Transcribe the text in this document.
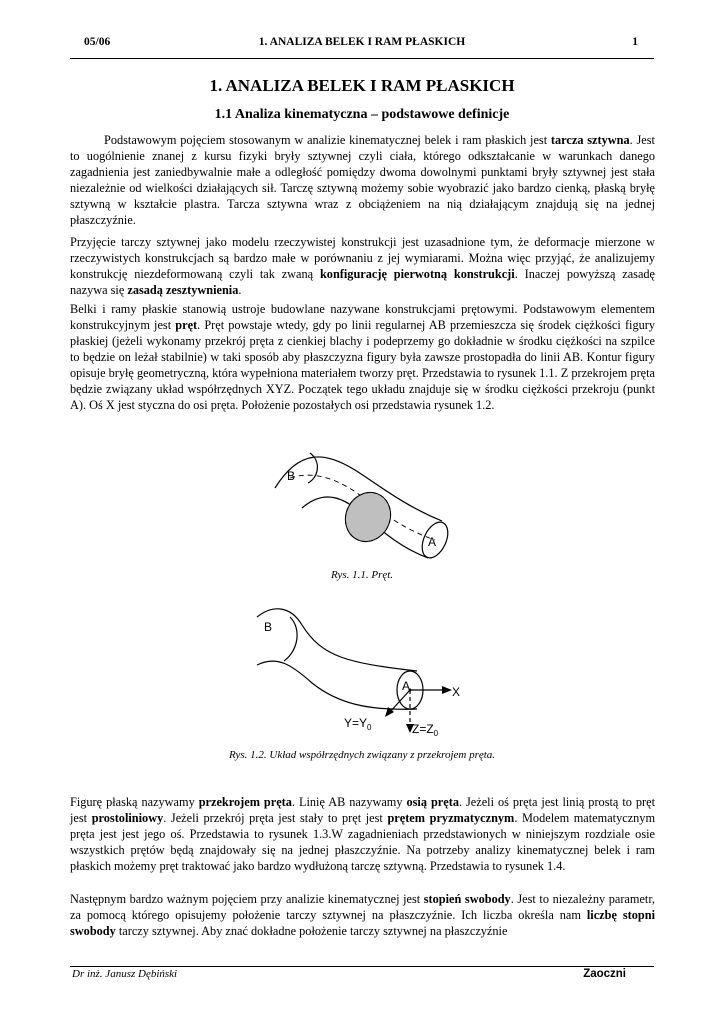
05/06	1. ANALIZA BELEK I RAM PŁASKICH	1
1. ANALIZA BELEK I RAM PŁASKICH
1.1 Analiza kinematyczna – podstawowe definicje

Podstawowym pojęciem stosowanym w analizie kinematycznej belek i ram płaskich jest tarcza sztywna. Jest to uogólnienie znanej z kursu fizyki bryły sztywnej czyli ciała, którego odkształcanie w warunkach danego zagadnienia jest zaniedbywalnie małe a odległość pomiędzy dwoma dowolnymi punktami bryły sztywnej jest stała niezależnie od wielkości działających sił. Tarczę sztywną możemy sobie wyobrazić jako bardzo cienką, płaską bryłę sztywną w kształcie plastra. Tarcza sztywna wraz z obciążeniem na nią działającym znajdują się na jednej płaszczyźnie.

Przyjęcie tarczy sztywnej jako modelu rzeczywistej konstrukcji jest uzasadnione tym, że deformacje mierzone w rzeczywistych konstrukcjach są bardzo małe w porównaniu z jej wymiarami. Można więc przyjąć, że analizujemy konstrukcję niezdeformowaną czyli tak zwaną konfigurację pierwotną konstrukcji. Inaczej powyższą zasadę nazywa się zasadą zesztywnienia.

Belki i ramy płaskie stanowią ustroje budowlane nazywane konstrukcjami prętowymi. Podstawowym elementem konstrukcyjnym jest pręt. Pręt powstaje wtedy, gdy po linii regularnej AB przemieszcza się środek ciężkości figury płaskiej (jeżeli wykonamy przekrój pręta z cienkiej blachy i podeprzemy go dokładnie w środku ciężkości na szpilce to będzie on leżał stabilnie) w taki sposób aby płaszczyzna figury była zawsze prostopadła do linii AB. Kontur figury opisuje bryłę geometryczną, która wypełniona materiałem tworzy pręt. Przedstawia to rysunek 1.1. Z przekrojem pręta będzie związany układ współrzędnych XYZ. Początek tego układu znajduje się w środku ciężkości przekroju (punkt A). Oś X jest styczna do osi pręta. Położenie pozostałych osi przedstawia rysunek 1.2.

B
A
Rys. 1.1. Pręt.
B
A	X
$Y=Y_0$	$Z=Z_0$
Rys. 1.2. Układ współrzędnych związany z przekrojem pręta.

Figurę płaską nazywamy przekrojem pręta. Linię AB nazywamy osią pręta. Jeżeli oś pręta jest linią prostą to pręt jest prostoliniowy. Jeżeli przekrój pręta jest stały to pręt jest prętem pryzmatycznym. Modelem matematycznym pręta jest jest jego oś. Przedstawia to rysunek 1.3.W zagadnieniach przedstawionych w niniejszym rozdziale osie wszystkich prętów będą znajdowały się na jednej płaszczyźnie. Na potrzeby analizy kinematycznej belek i ram płaskich możemy pręt traktować jako bardzo wydłużoną tarczę sztywną. Przedstawia to rysunek 1.4.

Następnym bardzo ważnym pojęciem przy analizie kinematycznej jest stopień swobody. Jest to niezależny parametr, za pomocą którego opisujemy położenie tarczy sztywnej na płaszczyźnie. Ich liczba określa nam liczbę stopni swobody tarczy sztywnej. Aby znać dokładne położenie tarczy sztywnej na płaszczyźnie

Dr inż. Janusz Dębiński	Zaoczni
